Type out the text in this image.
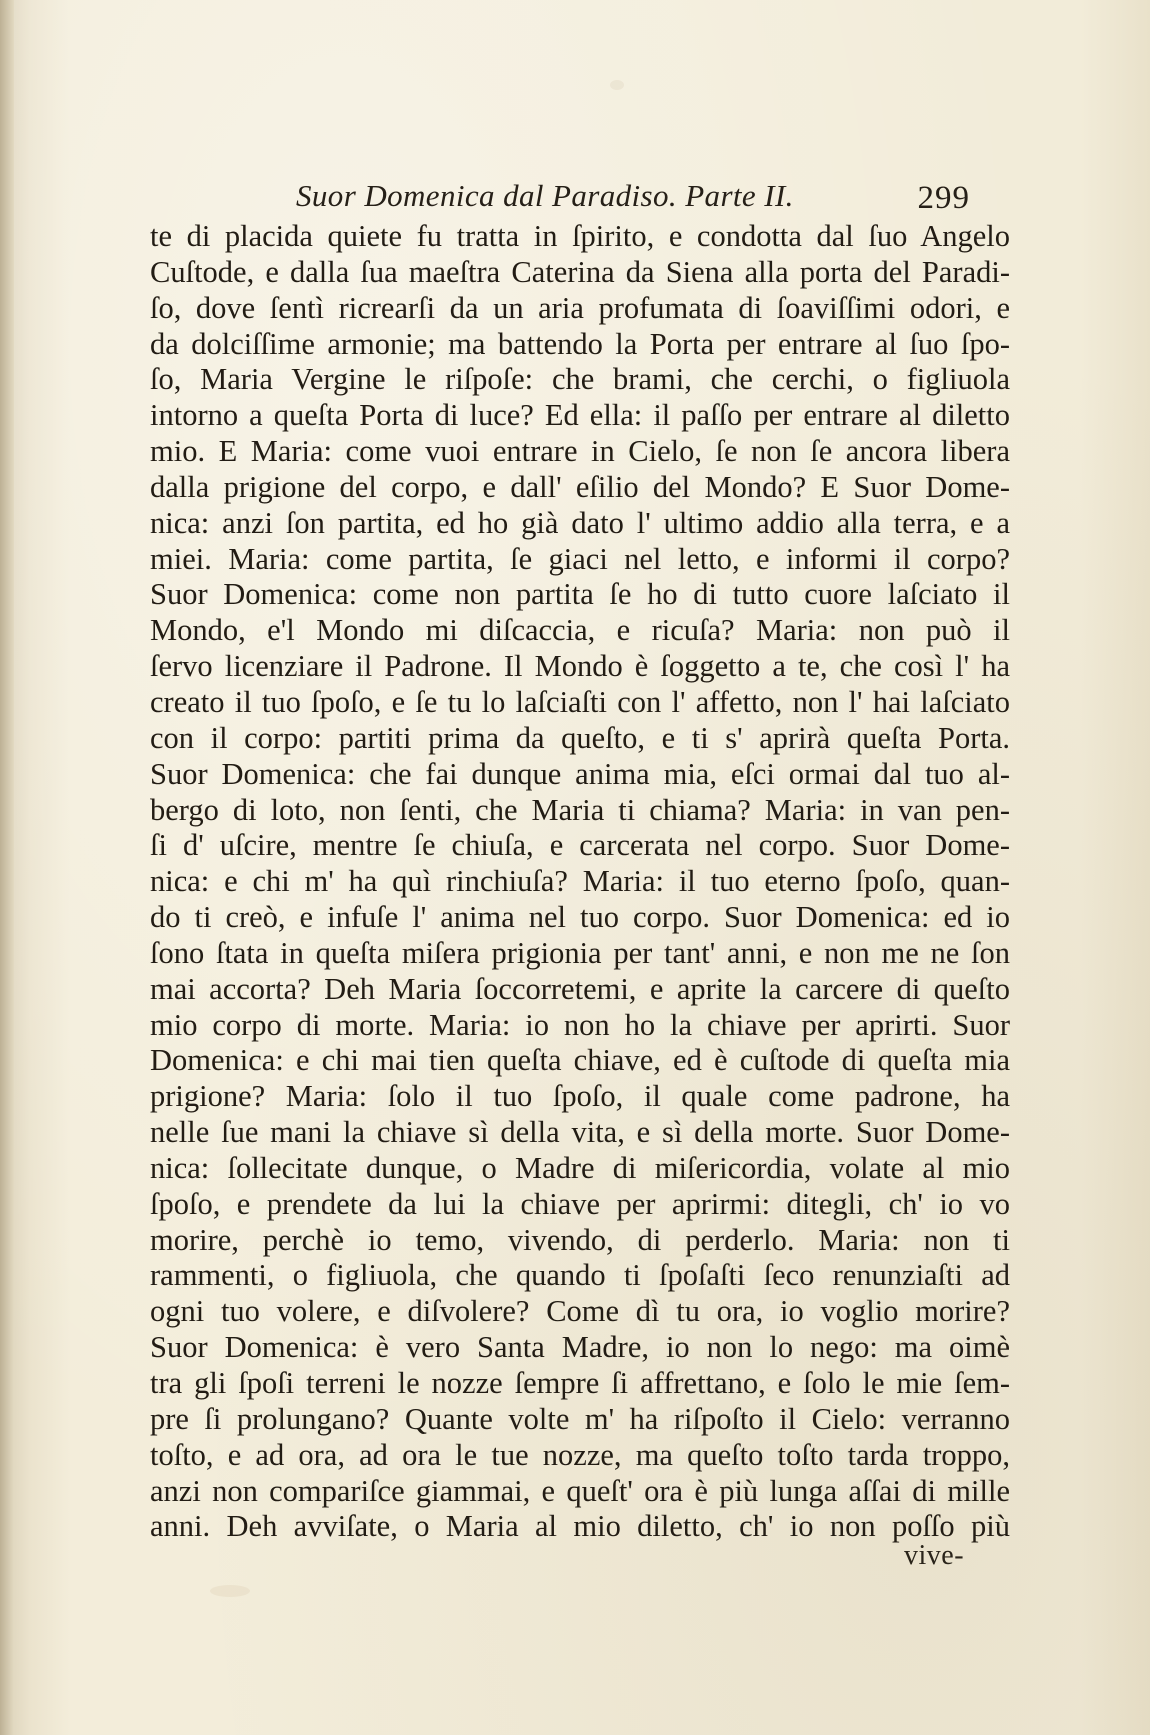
Suor Domenica dal Paradiso. Parte II.	299
te di placida quiete fu tratta in ſpirito, e condotta dal ſuo Angelo
Cuſtode, e dalla ſua maeſtra Caterina da Siena alla porta del Paradi-
ſo, dove ſentì ricrearſi da un aria profumata di ſoaviſſimi odori, e
da dolciſſime armonie; ma battendo la Porta per entrare al ſuo ſpo-
ſo, Maria Vergine le riſpoſe: che brami, che cerchi, o figliuola
intorno a queſta Porta di luce? Ed ella: il paſſo per entrare al diletto
mio. E Maria: come vuoi entrare in Cielo, ſe non ſe ancora libera
dalla prigione del corpo, e dall' eſilio del Mondo? E Suor Dome-
nica: anzi ſon partita, ed ho già dato l' ultimo addio alla terra, e a
miei. Maria: come partita, ſe giaci nel letto, e informi il corpo?
Suor Domenica: come non partita ſe ho di tutto cuore laſciato il
Mondo, e'l Mondo mi diſcaccia, e ricuſa? Maria: non può il
ſervo licenziare il Padrone. Il Mondo è ſoggetto a te, che così l' ha
creato il tuo ſpoſo, e ſe tu lo laſciaſti con l' affetto, non l' hai laſciato
con il corpo: partiti prima da queſto, e ti s' aprirà queſta Porta.
Suor Domenica: che fai dunque anima mia, eſci ormai dal tuo al-
bergo di loto, non ſenti, che Maria ti chiama? Maria: in van pen-
ſi d' uſcire, mentre ſe chiuſa, e carcerata nel corpo. Suor Dome-
nica: e chi m' ha quì rinchiuſa? Maria: il tuo eterno ſpoſo, quan-
do ti creò, e infuſe l' anima nel tuo corpo. Suor Domenica: ed io
ſono ſtata in queſta miſera prigionia per tant' anni, e non me ne ſon
mai accorta? Deh Maria ſoccorretemi, e aprite la carcere di queſto
mio corpo di morte. Maria: io non ho la chiave per aprirti. Suor
Domenica: e chi mai tien queſta chiave, ed è cuſtode di queſta mia
prigione? Maria: ſolo il tuo ſpoſo, il quale come padrone, ha
nelle ſue mani la chiave sì della vita, e sì della morte. Suor Dome-
nica: ſollecitate dunque, o Madre di miſericordia, volate al mio
ſpoſo, e prendete da lui la chiave per aprirmi: ditegli, ch' io vo
morire, perchè io temo, vivendo, di perderlo. Maria: non ti
rammenti, o figliuola, che quando ti ſpoſaſti ſeco renunziaſti ad
ogni tuo volere, e diſvolere? Come dì tu ora, io voglio morire?
Suor Domenica: è vero Santa Madre, io non lo nego: ma oimè
tra gli ſpoſi terreni le nozze ſempre ſi affrettano, e ſolo le mie ſem-
pre ſi prolungano? Quante volte m' ha riſpoſto il Cielo: verranno
toſto, e ad ora, ad ora le tue nozze, ma queſto toſto tarda troppo,
anzi non compariſce giammai, e queſt' ora è più lunga aſſai di mille
anni. Deh avviſate, o Maria al mio diletto, ch' io non poſſo più
vive-
